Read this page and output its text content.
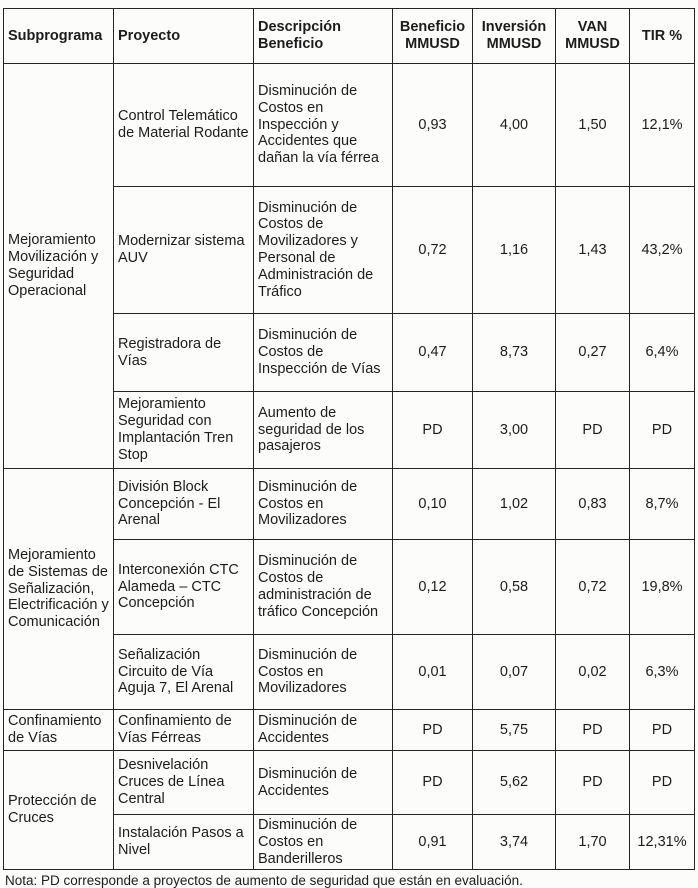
Subprograma	Proyecto	Descripción Beneficio	Beneficio MMUSD	Inversión MMUSD	VAN MMUSD	TIR %
Mejoramiento Movilización y Seguridad Operacional	Control Telemático de Material Rodante	Disminución de Costos en Inspección y Accidentes que dañan la vía férrea	0,93	4,00	1,50	12,1%
	Modernizar sistema AUV	Disminución de Costos de Movilizadores y Personal de Administración de Tráfico	0,72	1,16	1,43	43,2%
	Registradora de Vías	Disminución de Costos de Inspección de Vías	0,47	8,73	0,27	6,4%
	Mejoramiento Seguridad con Implantación Tren Stop	Aumento de seguridad de los pasajeros	PD	3,00	PD	PD
Mejoramiento de Sistemas de Señalización, Electrificación y Comunicación	División Block Concepción - El Arenal	Disminución de Costos en Movilizadores	0,10	1,02	0,83	8,7%
	Interconexión CTC Alameda – CTC Concepción	Disminución de Costos de administración de tráfico Concepción	0,12	0,58	0,72	19,8%
	Señalización Circuito de Vía Aguja 7, El Arenal	Disminución de Costos en Movilizadores	0,01	0,07	0,02	6,3%
Confinamiento de Vías	Confinamiento de Vías Férreas	Disminución de Accidentes	PD	5,75	PD	PD
Protección de Cruces	Desnivelación Cruces de Línea Central	Disminución de Accidentes	PD	5,62	PD	PD
	Instalación Pasos a Nivel	Disminución de Costos en Banderilleros	0,91	3,74	1,70	12,31%
Nota: PD corresponde a proyectos de aumento de seguridad que están en evaluación.
